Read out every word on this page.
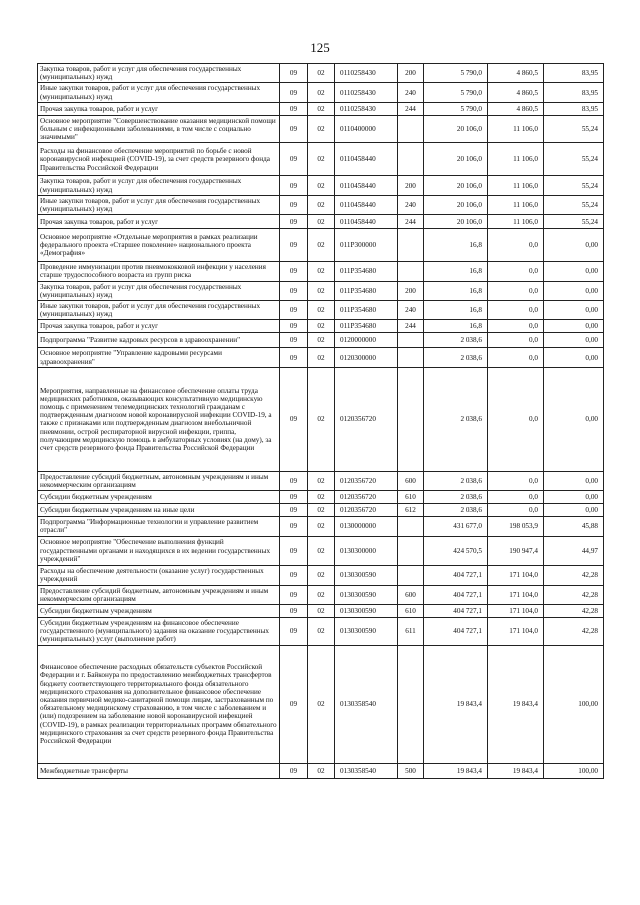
125
Закупка товаров, работ и услуг для обеспечения государственных (муниципальных) нужд	09	02	0110258430	200	5 790,0	4 860,5	83,95
Иные закупки товаров, работ и услуг для обеспечения государственных (муниципальных) нужд	09	02	0110258430	240	5 790,0	4 860,5	83,95
Прочая закупка товаров, работ и услуг	09	02	0110258430	244	5 790,0	4 860,5	83,95
Основное мероприятие "Совершенствование оказания медицинской помощи больным с инфекционными заболеваниями, в том числе с социально значимыми"	09	02	0110400000		20 106,0	11 106,0	55,24
Расходы на финансовое обеспечение мероприятий по борьбе с новой коронавирусной инфекцией (COVID-19), за счет средств резервного фонда Правительства Российской Федерации	09	02	0110458440		20 106,0	11 106,0	55,24
Закупка товаров, работ и услуг для обеспечения государственных (муниципальных) нужд	09	02	0110458440	200	20 106,0	11 106,0	55,24
Иные закупки товаров, работ и услуг для обеспечения государственных (муниципальных) нужд	09	02	0110458440	240	20 106,0	11 106,0	55,24
Прочая закупка товаров, работ и услуг	09	02	0110458440	244	20 106,0	11 106,0	55,24
Основное мероприятие «Отдельные мероприятия в рамках реализации федерального проекта «Старшее поколение» национального проекта «Демография»	09	02	011P300000		16,8	0,0	0,00
Проведение иммунизации против пневмококковой инфекции у населения старше трудоспособного возраста из групп риска	09	02	011P354680		16,8	0,0	0,00
Закупка товаров, работ и услуг для обеспечения государственных (муниципальных) нужд	09	02	011P354680	200	16,8	0,0	0,00
Иные закупки товаров, работ и услуг для обеспечения государственных (муниципальных) нужд	09	02	011P354680	240	16,8	0,0	0,00
Прочая закупка товаров, работ и услуг	09	02	011P354680	244	16,8	0,0	0,00
Подпрограмма "Развитие кадровых ресурсов в здравоохранении"	09	02	0120000000		2 038,6	0,0	0,00
Основное мероприятие "Управление кадровыми ресурсами здравоохранения"	09	02	0120300000		2 038,6	0,0	0,00
Мероприятия, направленные на финансовое обеспечение оплаты труда медицинских работников, оказывающих консультативную медицинскую помощь с применением телемедицинских технологий гражданам с подтвержденным диагнозом новой коронавирусной инфекции COVID-19, а также с признаками или подтвержденным диагнозом внебольничной пневмонии, острой респираторной вирусной инфекции, гриппа, получающим медицинскую помощь в амбулаторных условиях (на дому), за счет средств резервного фонда Правительства Российской Федерации	09	02	0120356720		2 038,6	0,0	0,00
Предоставление субсидий бюджетным, автономным учреждениям и иным некоммерческим организациям	09	02	0120356720	600	2 038,6	0,0	0,00
Субсидии бюджетным учреждениям	09	02	0120356720	610	2 038,6	0,0	0,00
Субсидии бюджетным учреждениям на иные цели	09	02	0120356720	612	2 038,6	0,0	0,00
Подпрограмма "Информационные технологии и управление развитием отрасли"	09	02	0130000000		431 677,0	198 053,9	45,88
Основное мероприятие "Обеспечение выполнения функций государственными органами и находящихся в их ведении государственных учреждений"	09	02	0130300000		424 570,5	190 947,4	44,97
Расходы на обеспечение деятельности (оказание услуг) государственных учреждений	09	02	0130300590		404 727,1	171 104,0	42,28
Предоставление субсидий бюджетным, автономным учреждениям и иным некоммерческим организациям	09	02	0130300590	600	404 727,1	171 104,0	42,28
Субсидии бюджетным учреждениям	09	02	0130300590	610	404 727,1	171 104,0	42,28
Субсидии бюджетным учреждениям на финансовое обеспечение государственного (муниципального) задания на оказание государственных (муниципальных) услуг (выполнение работ)	09	02	0130300590	611	404 727,1	171 104,0	42,28
Финансовое обеспечение расходных обязательств субъектов Российской Федерации и г. Байконура по предоставлению межбюджетных трансфертов бюджету соответствующего территориального фонда обязательного медицинского страхования на дополнительное финансовое обеспечение оказания первичной медико-санитарной помощи лицам, застрахованным по обязательному медицинскому страхованию, в том числе с заболеванием и (или) подозрением на заболевание новой коронавирусной инфекцией (COVID-19), в рамках реализации территориальных программ обязательного медицинского страхования за счет средств резервного фонда Правительства Российской Федерации	09	02	0130358540		19 843,4	19 843,4	100,00
Межбюджетные трансферты	09	02	0130358540	500	19 843,4	19 843,4	100,00
